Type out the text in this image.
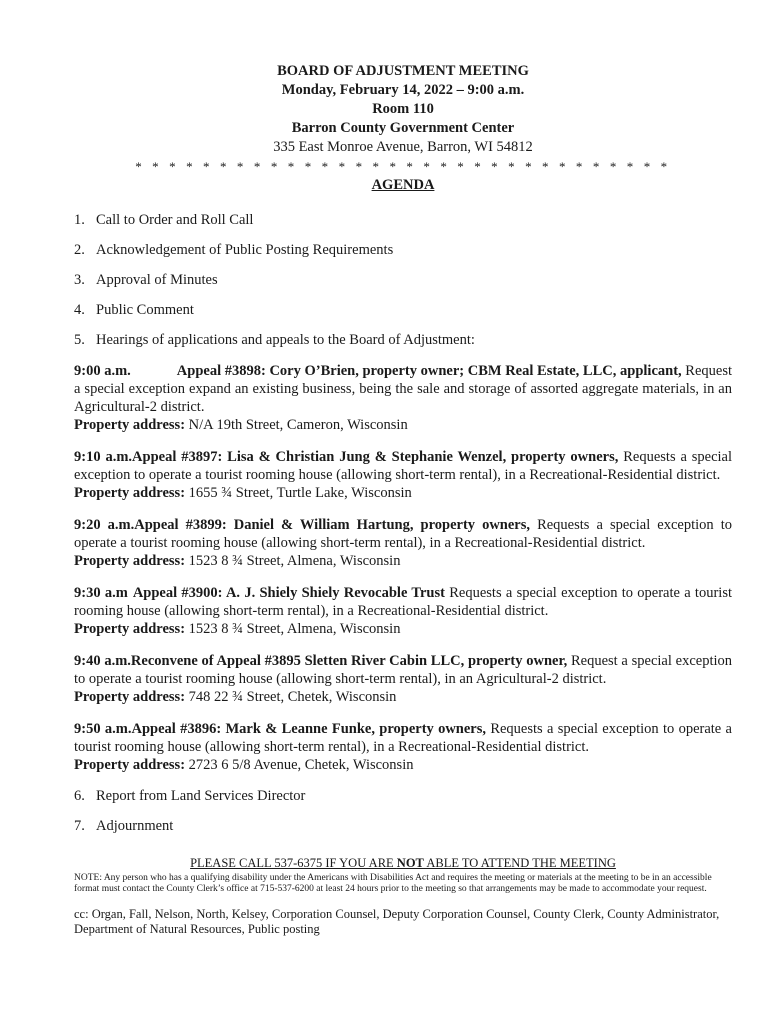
BOARD OF ADJUSTMENT MEETING
Monday, February 14, 2022 – 9:00 a.m.
Room 110
Barron County Government Center
335 East Monroe Avenue, Barron, WI 54812
* * * * * * * * * * * * * * * * * * * * * * * * * * * * * * * *
AGENDA
1. Call to Order and Roll Call
2. Acknowledgement of Public Posting Requirements
3. Approval of Minutes
4. Public Comment
5. Hearings of applications and appeals to the Board of Adjustment:

9:00 a.m.	Appeal #3898: Cory O’Brien, property owner; CBM Real Estate, LLC, applicant, Request a special exception expand an existing business, being the sale and storage of assorted aggregate materials, in an Agricultural-2 district.

Property address: N/A 19th Street, Cameron, Wisconsin

9:10 a.m.Appeal #3897: Lisa & Christian Jung & Stephanie Wenzel, property owners, Requests a special exception to operate a tourist rooming house (allowing short-term rental), in a Recreational-Residential district.

Property address: 1655 ¾ Street, Turtle Lake, Wisconsin

9:20 a.m.Appeal #3899: Daniel & William Hartung, property owners, Requests a special exception to operate a tourist rooming house (allowing short-term rental), in a Recreational-Residential district.

Property address: 1523 8 ¾ Street, Almena, Wisconsin

9:30 a.m Appeal #3900: A. J. Shiely Shiely Revocable Trust Requests a special exception to operate a tourist rooming house (allowing short-term rental), in a Recreational-Residential district.

Property address: 1523 8 ¾ Street, Almena, Wisconsin

9:40 a.m.Reconvene of Appeal #3895 Sletten River Cabin LLC, property owner, Request a special exception to operate a tourist rooming house (allowing short-term rental), in an Agricultural-2 district.

Property address: 748 22 ¾ Street, Chetek, Wisconsin

9:50 a.m.Appeal #3896: Mark & Leanne Funke, property owners, Requests a special exception to operate a tourist rooming house (allowing short-term rental), in a Recreational-Residential district.

Property address: 2723 6 5/8 Avenue, Chetek, Wisconsin

6. Report from Land Services Director
7. Adjournment
PLEASE CALL 537-6375 IF YOU ARE NOT ABLE TO ATTEND THE MEETING
NOTE: Any person who has a qualifying disability under the Americans with Disabilities Act and requires the meeting or materials at the meeting to be in an accessible format must contact the County Clerk’s office at 715-537-6200 at least 24 hours prior to the meeting so that arrangements may be made to accommodate your request.
cc: Organ, Fall, Nelson, North, Kelsey, Corporation Counsel, Deputy Corporation Counsel, County Clerk, County Administrator, Department of Natural Resources, Public posting
